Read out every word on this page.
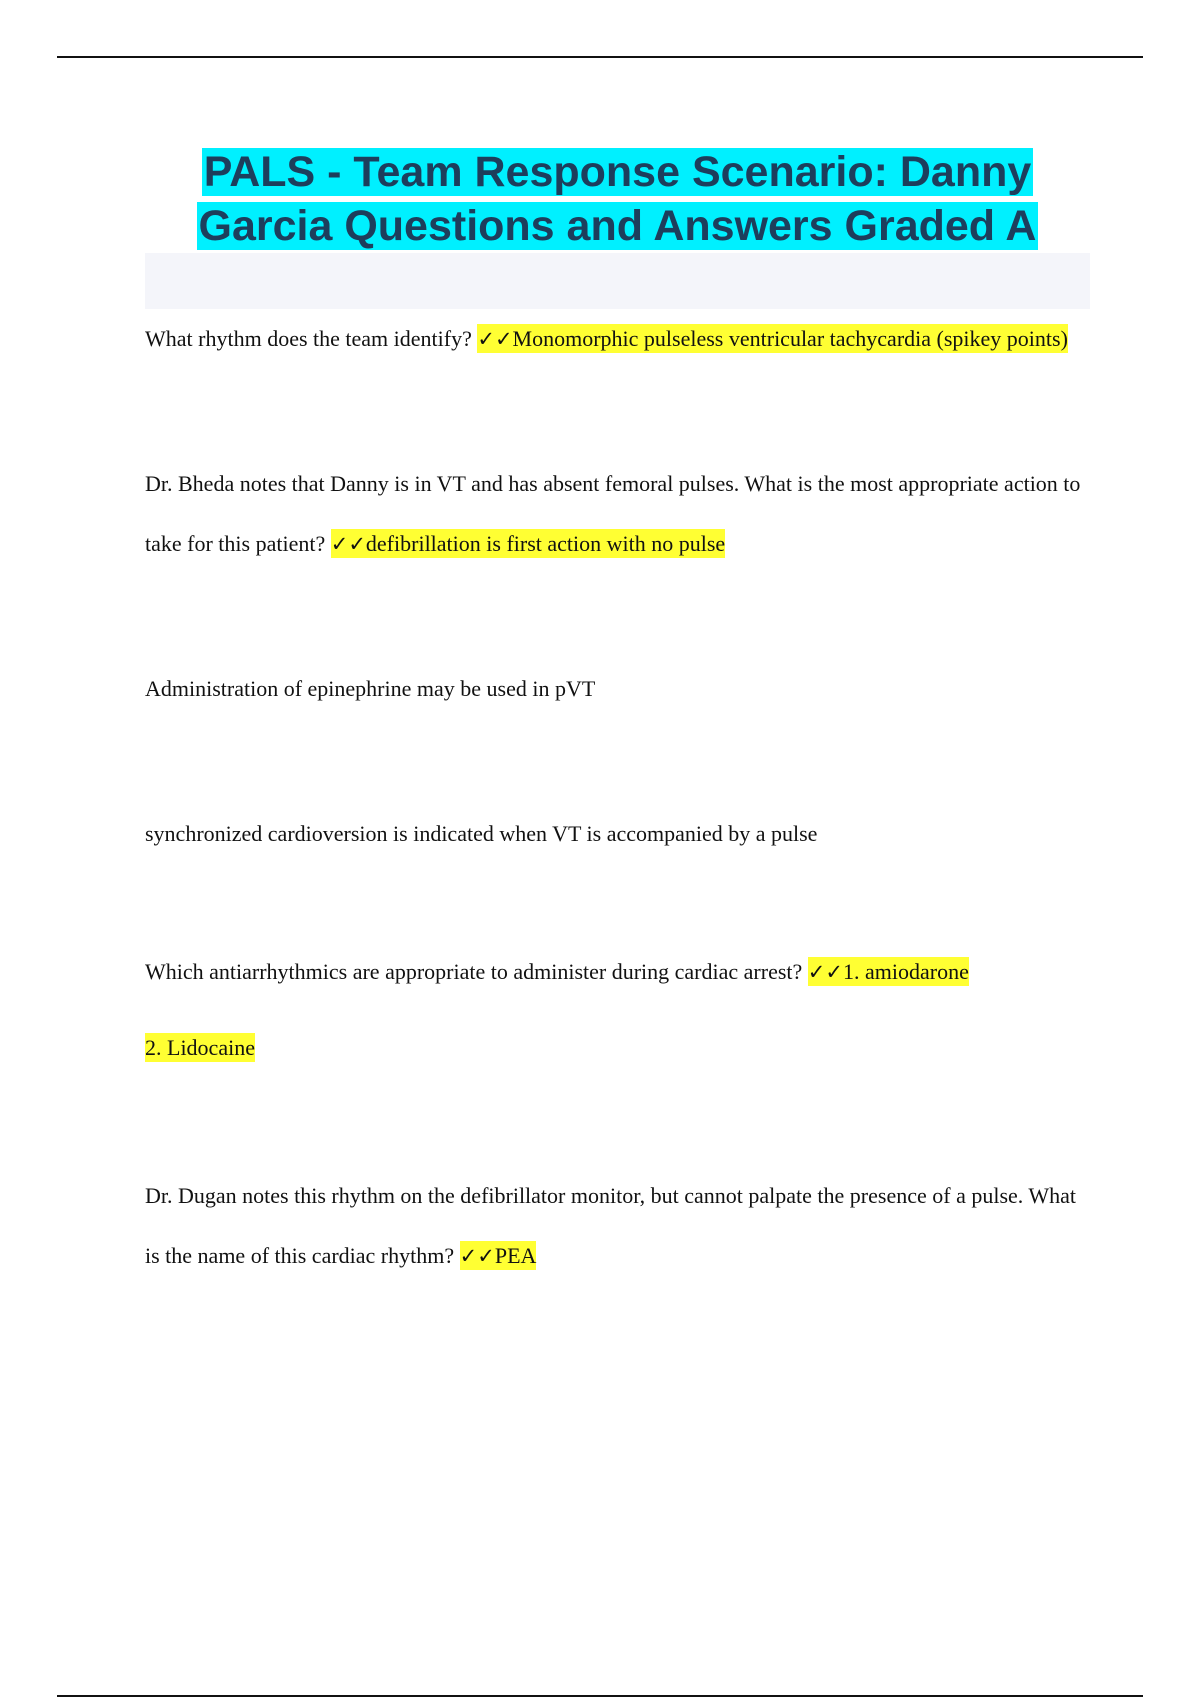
PALS - Team Response Scenario: Danny Garcia Questions and Answers Graded A

What rhythm does the team identify? ✓✓Monomorphic pulseless ventricular tachycardia (spikey points)

Dr. Bheda notes that Danny is in VT and has absent femoral pulses. What is the most appropriate action to take for this patient? ✓✓defibrillation is first action with no pulse

Administration of epinephrine may be used in pVT

synchronized cardioversion is indicated when VT is accompanied by a pulse

Which antiarrhythmics are appropriate to administer during cardiac arrest? ✓✓1. amiodarone

2. Lidocaine

Dr. Dugan notes this rhythm on the defibrillator monitor, but cannot palpate the presence of a pulse. What is the name of this cardiac rhythm? ✓✓PEA
